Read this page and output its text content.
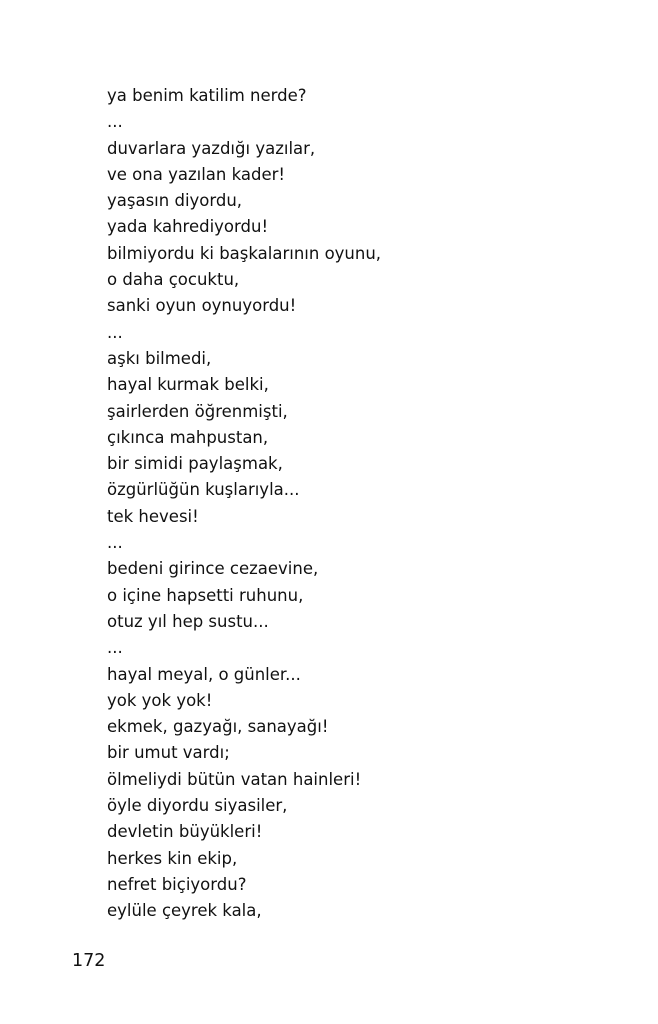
ya benim katilim nerde?
...
duvarlara yazdığı yazılar,
ve ona yazılan kader!
yaşasın diyordu,
yada kahrediyordu!
bilmiyordu ki başkalarının oyunu,
o daha çocuktu,
sanki oyun oynuyordu!
...
aşkı bilmedi,
hayal kurmak belki,
şairlerden öğrenmişti,
çıkınca mahpustan,
bir simidi paylaşmak,
özgürlüğün kuşlarıyla...
tek hevesi!
...
bedeni girince cezaevine,
o içine hapsetti ruhunu,
otuz yıl hep sustu...
...
hayal meyal, o günler...
yok yok yok!
ekmek, gazyağı, sanayağı!
bir umut vardı;
ölmeliydi bütün vatan hainleri!
öyle diyordu siyasiler,
devletin büyükleri!
herkes kin ekip,
nefret biçiyordu?
eylüle çeyrek kala,
172
